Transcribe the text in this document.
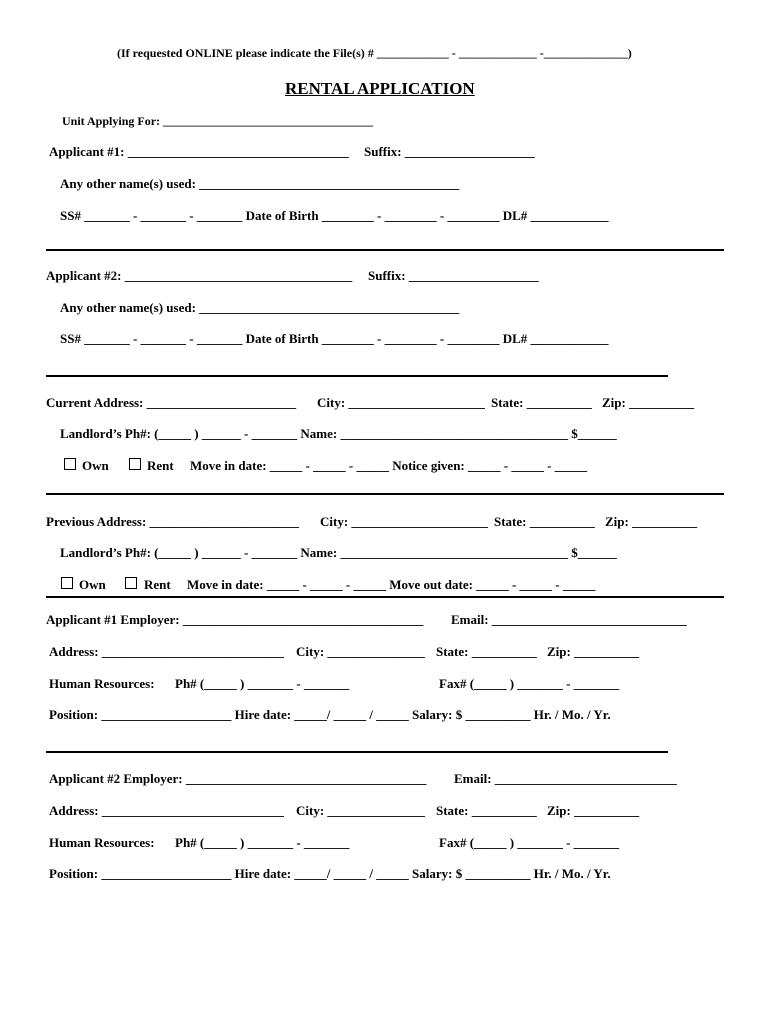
(If requested ONLINE please indicate the File(s) # ____________ - _____________ -______________)
RENTAL APPLICATION
Unit Applying For: ___________________________________
Applicant #1: __________________________________ Suffix: ____________________
Any other name(s) used: ________________________________________
SS# _______ - _______ - _______ Date of Birth ________ - ________ - ________ DL# ____________
Applicant #2: ___________________________________ Suffix: ____________________
Any other name(s) used: ________________________________________
SS# _______ - _______ - _______ Date of Birth ________ - ________ - ________ DL# ____________
Current Address: _______________________ City: _____________________ State: __________ Zip: __________
Landlord’s Ph#: (_____ ) ______ - _______ Name: ___________________________________ $______
Own	Rent Move in date: _____ - _____ - _____ Notice given: _____ - _____ - _____
Previous Address: _______________________ City: _____________________ State: __________ Zip: __________
Landlord’s Ph#: (_____ ) ______ - _______ Name: ___________________________________ $______
Own	Rent Move in date: _____ - _____ - _____ Move out date: _____ - _____ - _____
Applicant #1 Employer: _____________________________________ Email: ______________________________
Address: ____________________________ City: _______________ State: __________ Zip: __________
Human Resources: Ph# (_____ ) _______ - _______	Fax# (_____ ) _______ - _______
Position: ____________________ Hire date: _____/ _____ / _____ Salary: $ __________ Hr. / Mo. / Yr.
Applicant #2 Employer: _____________________________________ Email: ____________________________
Address: ____________________________ City: _______________ State: __________ Zip: __________
Human Resources: Ph# (_____ ) _______ - _______	Fax# (_____ ) _______ - _______
Position: ____________________ Hire date: _____/ _____ / _____ Salary: $ __________ Hr. / Mo. / Yr.
